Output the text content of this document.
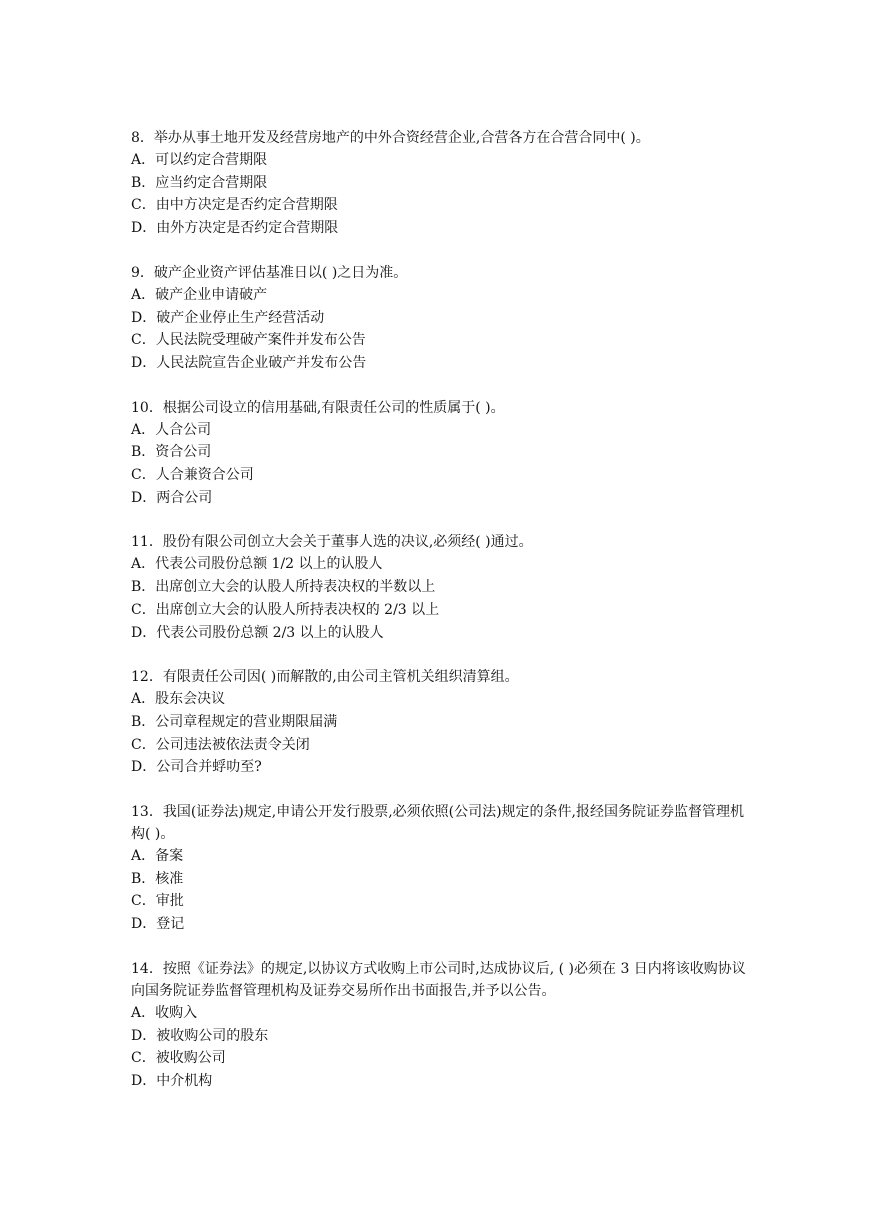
8．举办从事土地开发及经营房地产的中外合资经营企业,合营各方在合营合同中( )。

A．可以约定合营期限

B．应当约定合营期限

C．由中方决定是否约定合营期限

D．由外方决定是否约定合营期限

9．破产企业资产评估基准日以( )之日为准。

A．破产企业申请破产

D．破产企业停止生产经营活动

C．人民法院受理破产案件并发布公告

D．人民法院宣告企业破产并发布公告

10．根据公司设立的信用基础,有限责任公司的性质属于( )。

A．人合公司

B．资合公司

C．人合兼资合公司

D．两合公司

11．股份有限公司创立大会关于董事人选的决议,必须经( )通过。

A．代表公司股份总额 1/2 以上的认股人

B．出席创立大会的认股人所持表决权的半数以上

C．出席创立大会的认股人所持表决权的 2/3 以上

D．代表公司股份总额 2/3 以上的认股人

12．有限责任公司因( )而解散的,由公司主管机关组织清算组。

A．股东会决议

B．公司章程规定的营业期限届满

C．公司违法被依法责令关闭

D．公司合并蜉叻至?

13．我国(证券法)规定,申请公开发行股票,必须依照(公司法)规定的条件,报经国务院证券监督管理机构( )。

A．备案

B．核准

C．审批

D．登记

14．按照《证券法》的规定,以协议方式收购上市公司时,达成协议后, ( )必须在 3 日内将该收购协议向国务院证券监督管理机构及证券交易所作出书面报告,并予以公告。

A．收购入

D．被收购公司的股东

C．被收购公司

D．中介机构
